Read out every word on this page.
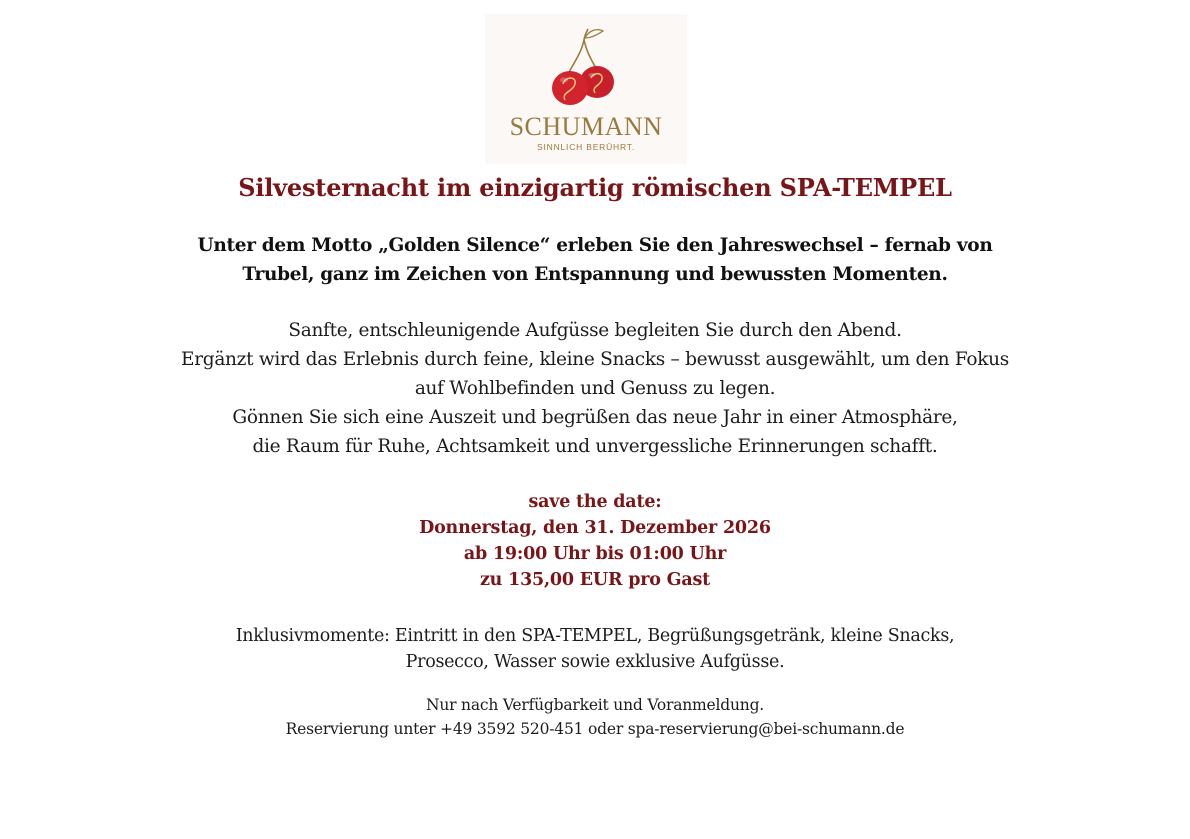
SCHUMANN
SINNLICH BERÜHRT.
Silvesternacht im einzigartig römischen SPA-TEMPEL
Unter dem Motto „Golden Silence“ erleben Sie den Jahreswechsel – fernab von
Trubel, ganz im Zeichen von Entspannung und bewussten Momenten.
Sanfte, entschleunigende Aufgüsse begleiten Sie durch den Abend.
Ergänzt wird das Erlebnis durch feine, kleine Snacks – bewusst ausgewählt, um den Fokus
auf Wohlbefinden und Genuss zu legen.
Gönnen Sie sich eine Auszeit und begrüßen das neue Jahr in einer Atmosphäre,
die Raum für Ruhe, Achtsamkeit und unvergessliche Erinnerungen schafft.
save the date:
Donnerstag, den 31. Dezember 2026
ab 19:00 Uhr bis 01:00 Uhr
zu 135,00 EUR pro Gast
Inklusivmomente: Eintritt in den SPA-TEMPEL, Begrüßungsgetränk, kleine Snacks,
Prosecco, Wasser sowie exklusive Aufgüsse.
Nur nach Verfügbarkeit und Voranmeldung.
Reservierung unter +49 3592 520-451 oder spa-reservierung@bei-schumann.de
